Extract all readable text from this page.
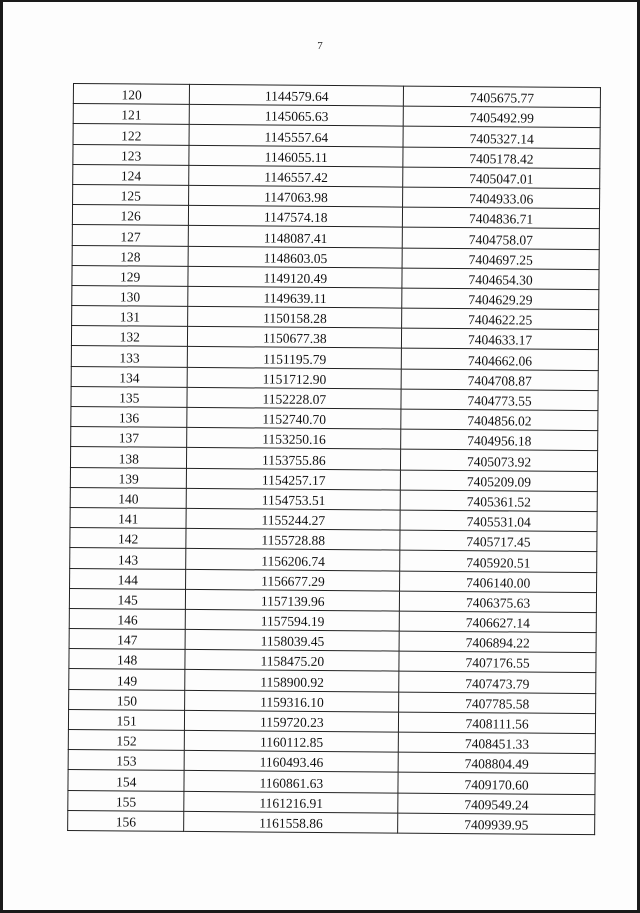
7
120	1144579.64	7405675.77
121	1145065.63	7405492.99
122	1145557.64	7405327.14
123	1146055.11	7405178.42
124	1146557.42	7405047.01
125	1147063.98	7404933.06
126	1147574.18	7404836.71
127	1148087.41	7404758.07
128	1148603.05	7404697.25
129	1149120.49	7404654.30
130	1149639.11	7404629.29
131	1150158.28	7404622.25
132	1150677.38	7404633.17
133	1151195.79	7404662.06
134	1151712.90	7404708.87
135	1152228.07	7404773.55
136	1152740.70	7404856.02
137	1153250.16	7404956.18
138	1153755.86	7405073.92
139	1154257.17	7405209.09
140	1154753.51	7405361.52
141	1155244.27	7405531.04
142	1155728.88	7405717.45
143	1156206.74	7405920.51
144	1156677.29	7406140.00
145	1157139.96	7406375.63
146	1157594.19	7406627.14
147	1158039.45	7406894.22
148	1158475.20	7407176.55
149	1158900.92	7407473.79
150	1159316.10	7407785.58
151	1159720.23	7408111.56
152	1160112.85	7408451.33
153	1160493.46	7408804.49
154	1160861.63	7409170.60
155	1161216.91	7409549.24
156	1161558.86	7409939.95
